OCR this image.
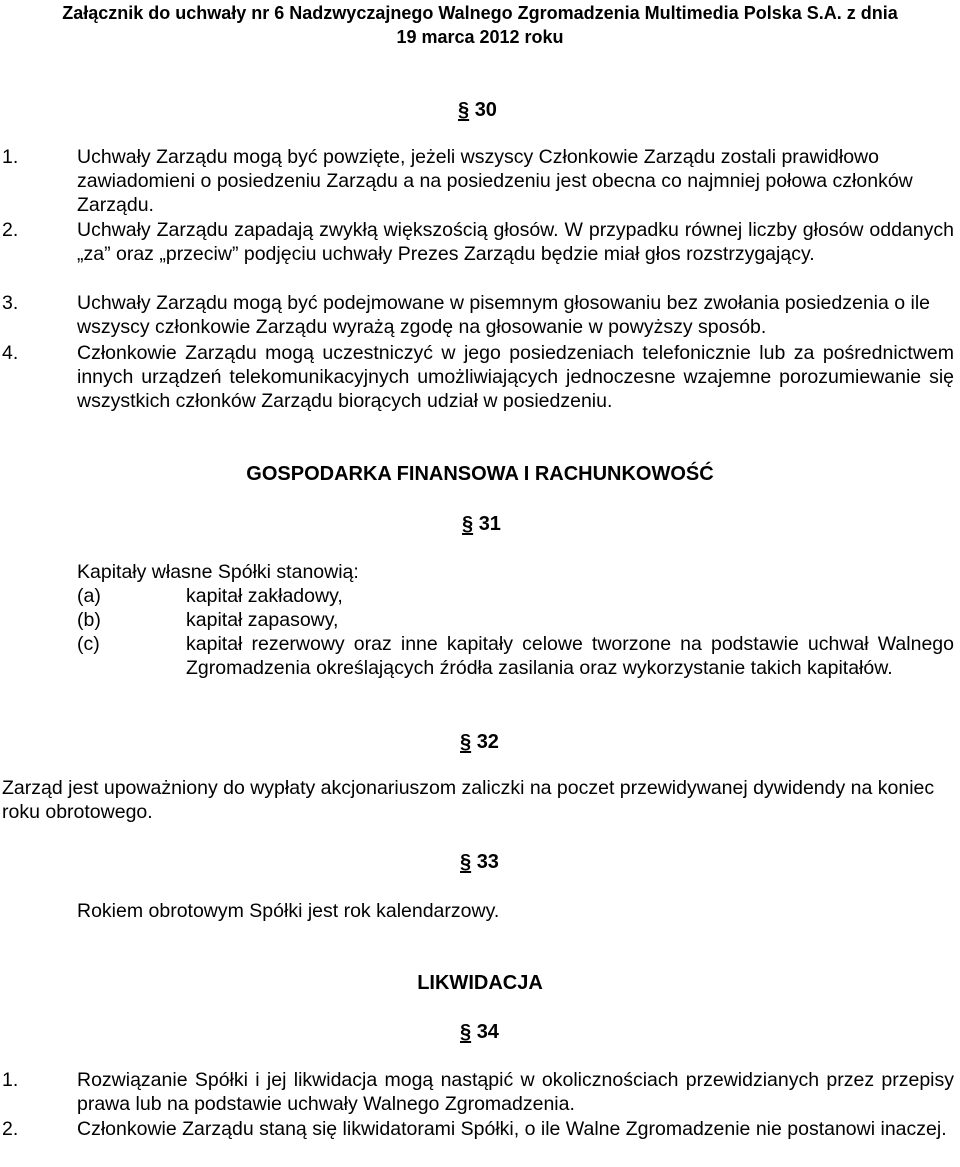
Załącznik do uchwały nr 6 Nadzwyczajnego Walnego Zgromadzenia Multimedia Polska S.A. z dnia
19 marca 2012 roku
§ 30
1.	Uchwały Zarządu mogą być powzięte, jeżeli wszyscy Członkowie Zarządu zostali prawidłowo zawiadomieni o posiedzeniu Zarządu a na posiedzeniu jest obecna co najmniej połowa członków Zarządu.
2.	Uchwały Zarządu zapadają zwykłą większością głosów. W przypadku równej liczby głosów oddanych „za” oraz „przeciw” podjęciu uchwały Prezes Zarządu będzie miał głos rozstrzygający.
3.	Uchwały Zarządu mogą być podejmowane w pisemnym głosowaniu bez zwołania posiedzenia o ile wszyscy członkowie Zarządu wyrażą zgodę na głosowanie w powyższy sposób.
4.	Członkowie Zarządu mogą uczestniczyć w jego posiedzeniach telefonicznie lub za pośrednictwem innych urządzeń telekomunikacyjnych umożliwiających jednoczesne wzajemne porozumiewanie się wszystkich członków Zarządu biorących udział w posiedzeniu.
GOSPODARKA FINANSOWA I RACHUNKOWOŚĆ
§ 31
Kapitały własne Spółki stanowią:
(a)	kapitał zakładowy,
(b)	kapitał zapasowy,
(c)	kapitał rezerwowy oraz inne kapitały celowe tworzone na podstawie uchwał Walnego Zgromadzenia określających źródła zasilania oraz wykorzystanie takich kapitałów.
§ 32
Zarząd jest upoważniony do wypłaty akcjonariuszom zaliczki na poczet przewidywanej dywidendy na koniec roku obrotowego.
§ 33
Rokiem obrotowym Spółki jest rok kalendarzowy.
LIKWIDACJA
§ 34
1.	Rozwiązanie Spółki i jej likwidacja mogą nastąpić w okolicznościach przewidzianych przez przepisy prawa lub na podstawie uchwały Walnego Zgromadzenia.
2.	Członkowie Zarządu staną się likwidatorami Spółki, o ile Walne Zgromadzenie nie postanowi inaczej.
